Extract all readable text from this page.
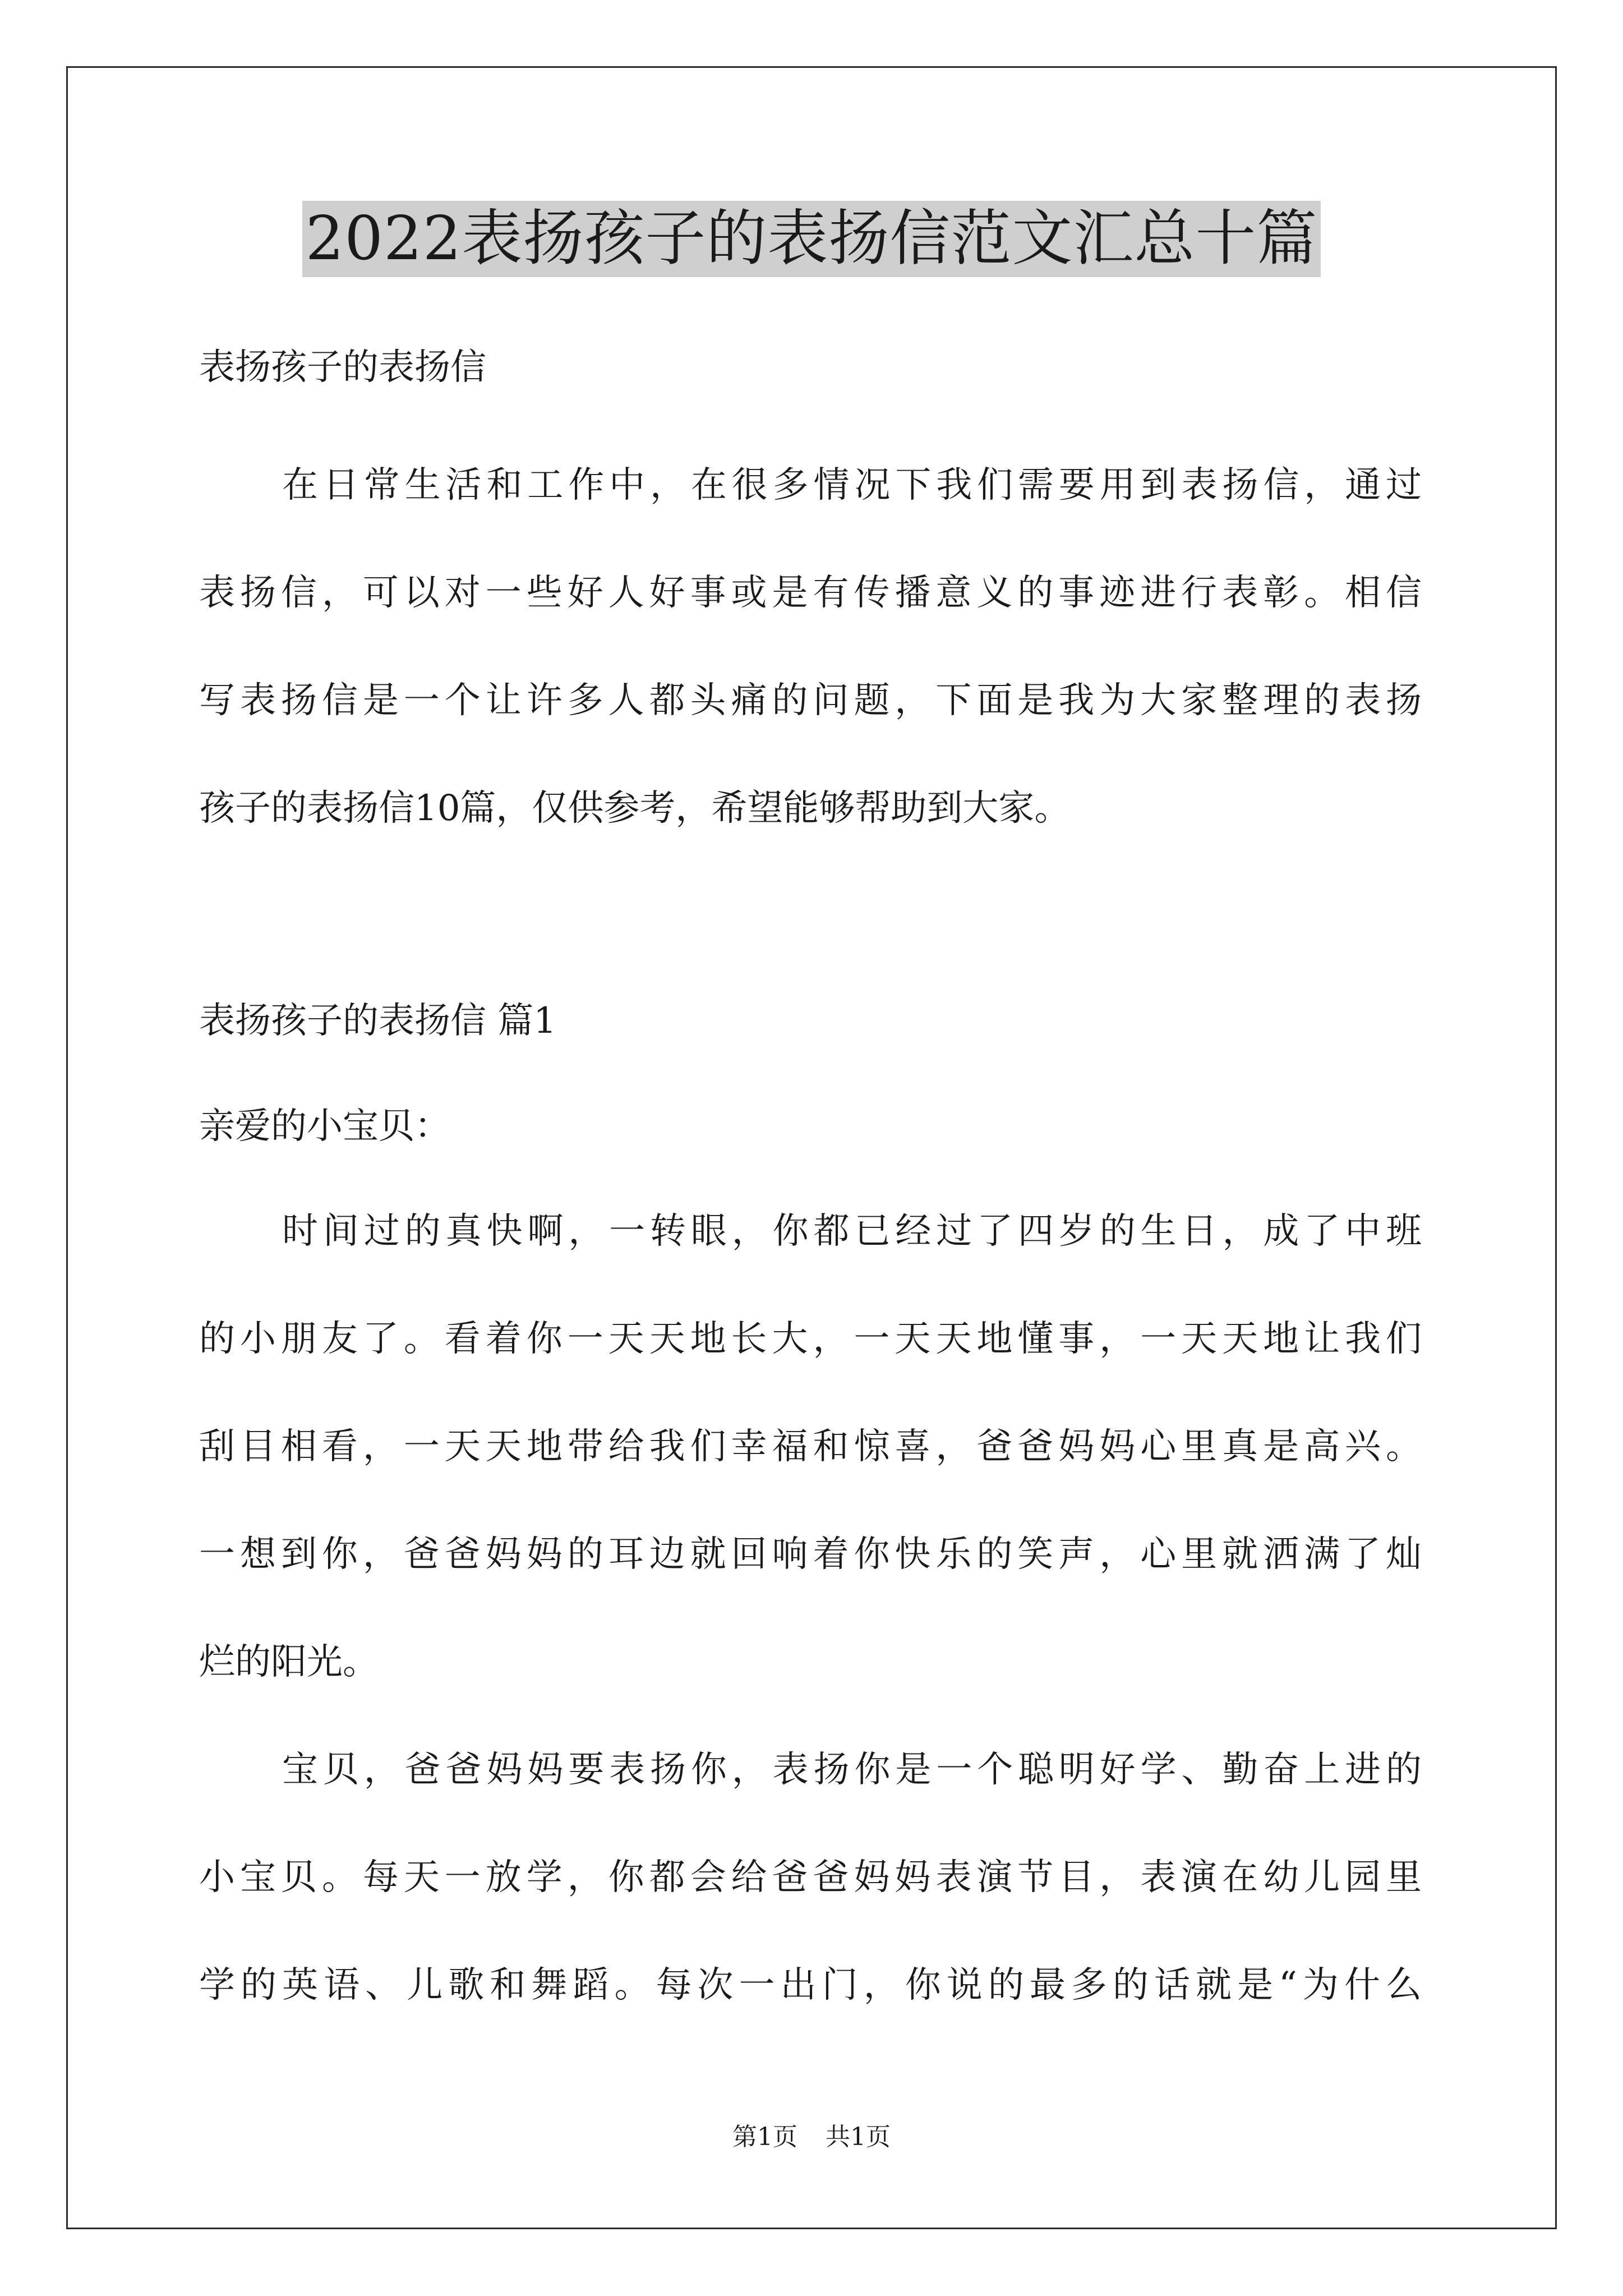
2022表扬孩子的表扬信范文汇总十篇
表扬孩子的表扬信
在日常生活和工作中，在很多情况下我们需要用到表扬信，通过
表扬信，可以对一些好人好事或是有传播意义的事迹进行表彰。相信
写表扬信是一个让许多人都头痛的问题，下面是我为大家整理的表扬
孩子的表扬信10篇，仅供参考，希望能够帮助到大家。
表扬孩子的表扬信 篇1
亲爱的小宝贝：
时间过的真快啊，一转眼，你都已经过了四岁的生日，成了中班
的小朋友了。看着你一天天地长大，一天天地懂事，一天天地让我们
刮目相看，一天天地带给我们幸福和惊喜，爸爸妈妈心里真是高兴。
一想到你，爸爸妈妈的耳边就回响着你快乐的笑声，心里就洒满了灿
烂的阳光。
宝贝，爸爸妈妈要表扬你，表扬你是一个聪明好学、勤奋上进的
小宝贝。每天一放学，你都会给爸爸妈妈表演节目，表演在幼儿园里
学的英语、儿歌和舞蹈。每次一出门，你说的最多的话就是“为什么
第1页 共1页
